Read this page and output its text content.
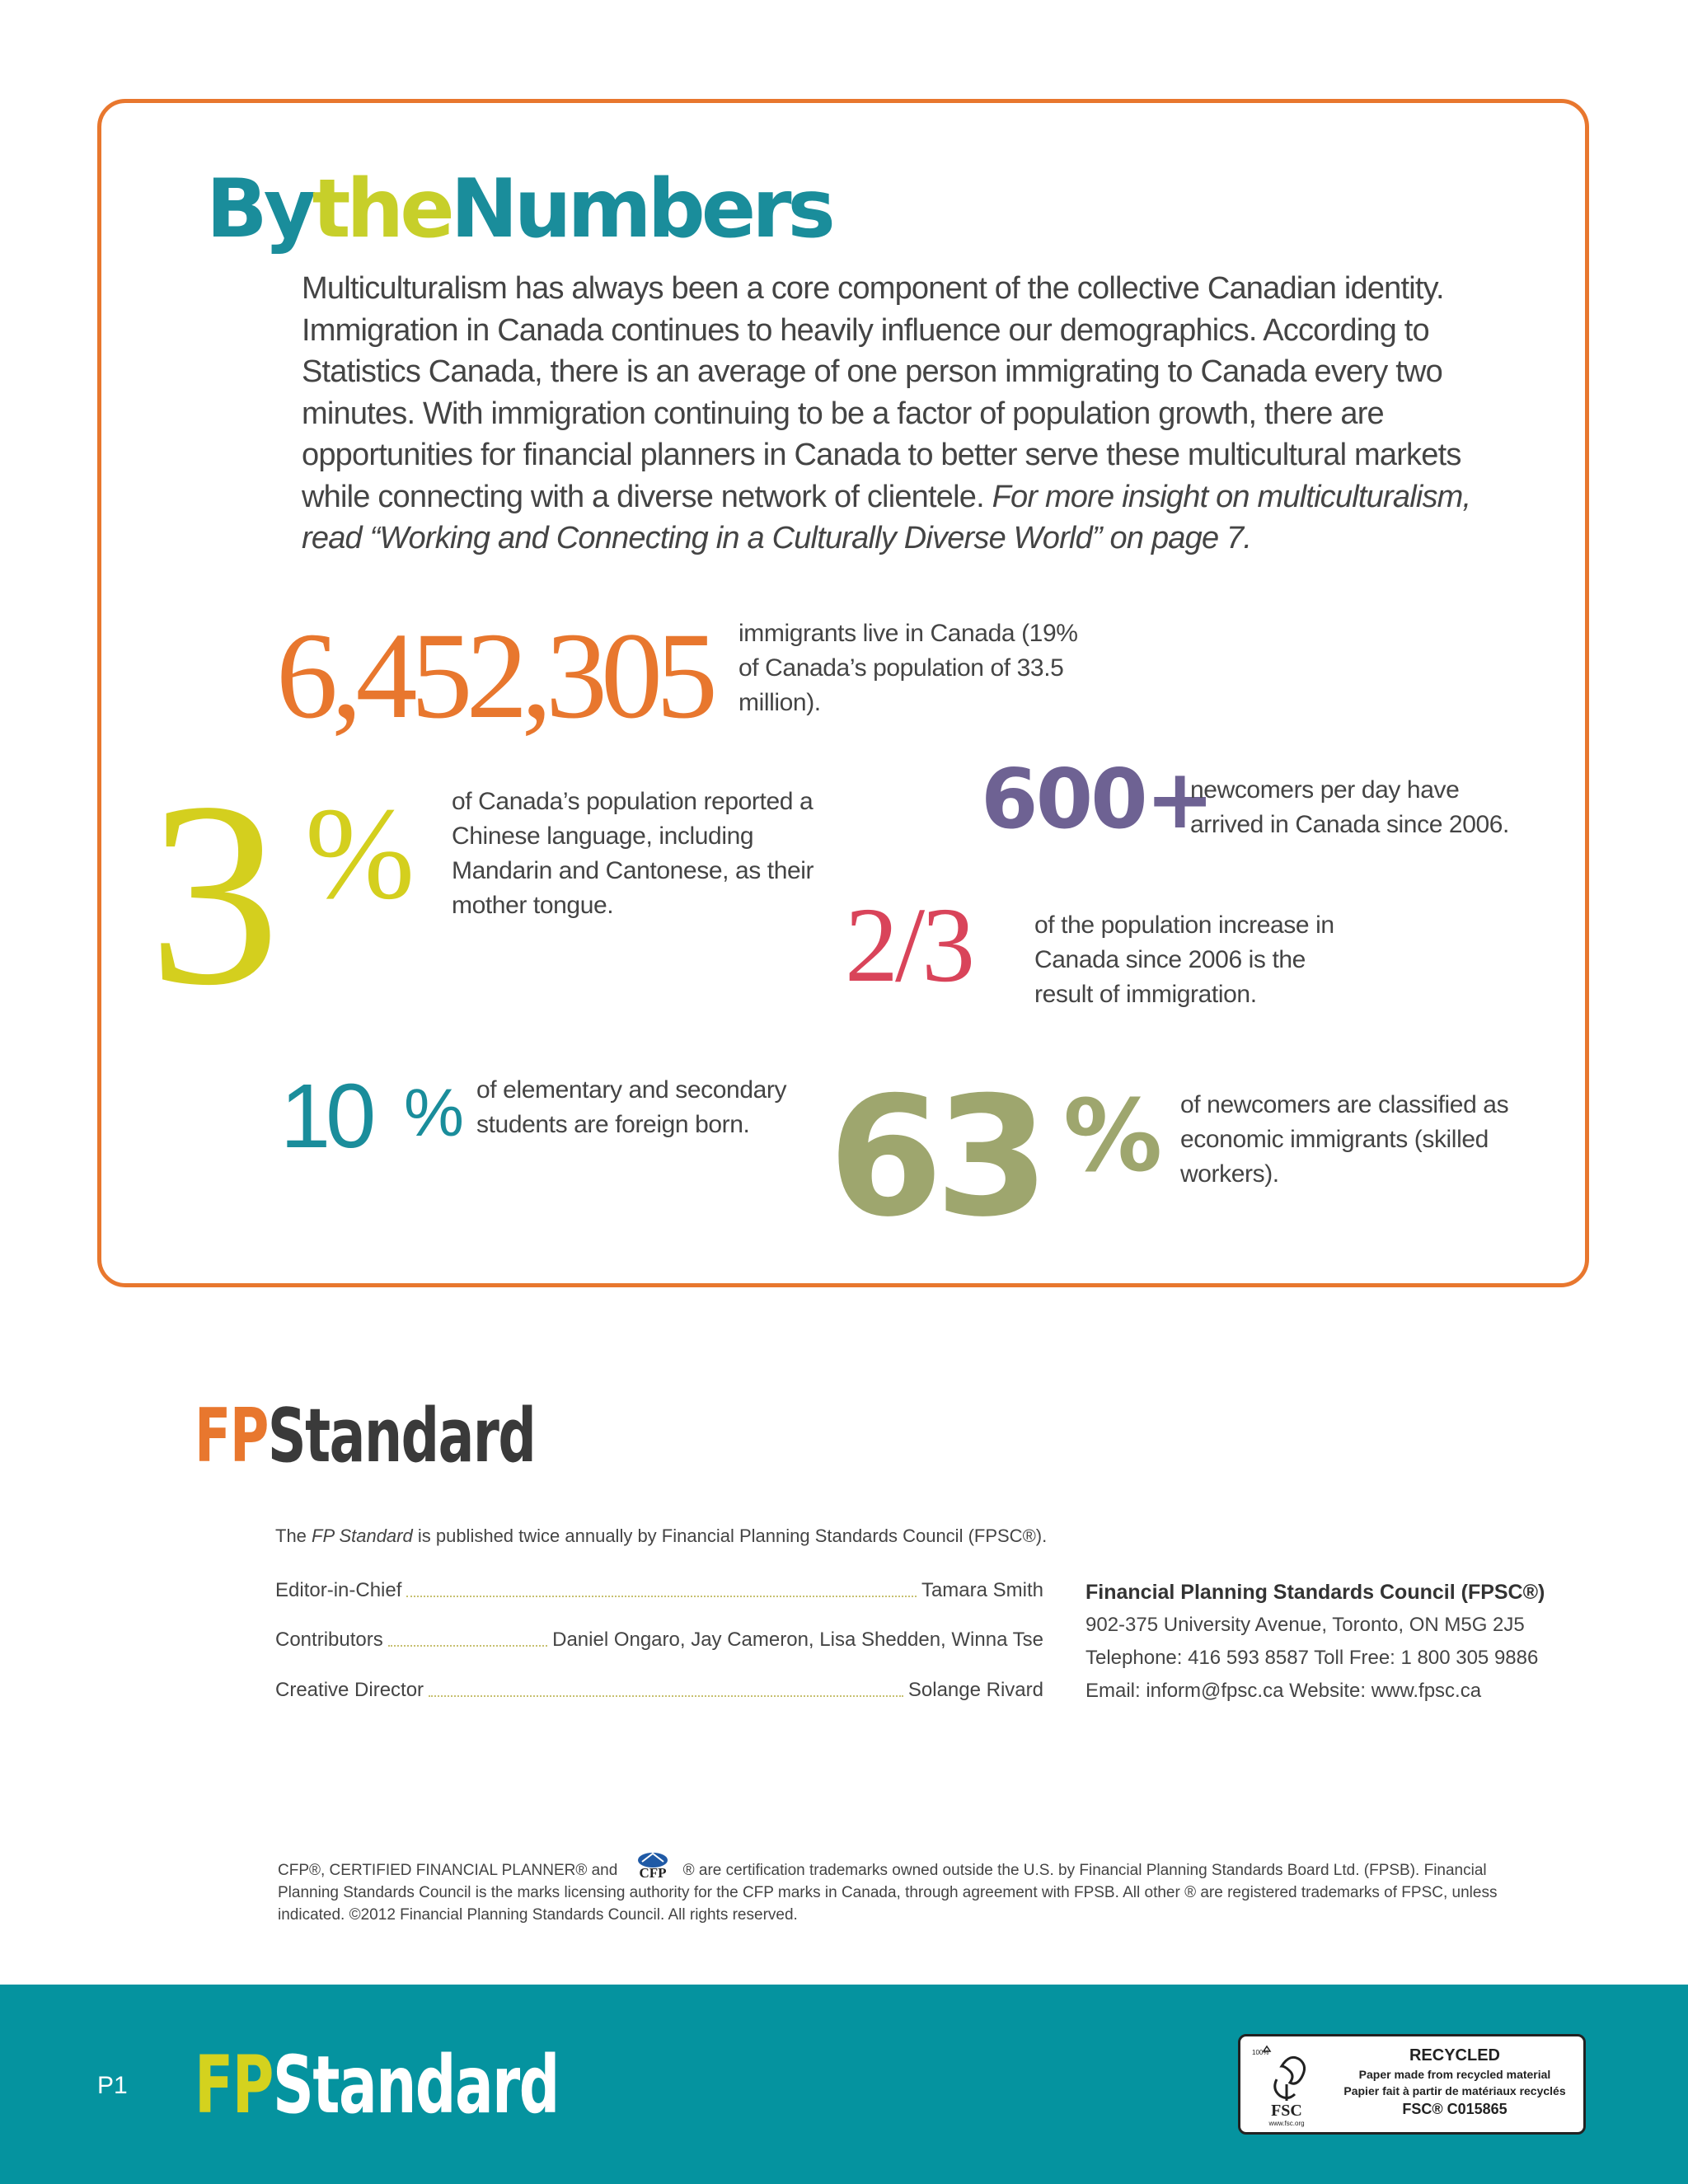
BytheNumbers

Multiculturalism has always been a core component of the collective Canadian identity. Immigration in Canada continues to heavily influence our demographics. According to Statistics Canada, there is an average of one person immigrating to Canada every two minutes. With immigration continuing to be a factor of population growth, there are opportunities for financial planners in Canada to better serve these multicultural markets while connecting with a diverse network of clientele. For more insight on multiculturalism, read “Working and Connecting in a Culturally Diverse World” on page 7.

6,452,305 immigrants live in Canada (19% of Canada’s population of 33.5 million).
3 % of Canada’s population reported a Chinese language, including Mandarin and Cantonese, as their mother tongue.
600+
newcomers per day have arrived in Canada since 2006.
2/3	of the population increase in Canada since 2006 is the result of immigration.
10 % of elementary and secondary students are foreign born. 63 % of newcomers are classified as economic immigrants (skilled workers).
FPStandard

The FP Standard is published twice annually by Financial Planning Standards Council (FPSC®).

Editor-in-Chief	Tamara Smith
Contributors	Daniel Ongaro, Jay Cameron, Lisa Shedden, Winna Tse
Creative Director	Solange Rivard
Financial Planning Standards Council (FPSC®)
902-375 University Avenue, Toronto, ON M5G 2J5
Telephone: 416 593 8587 Toll Free: 1 800 305 9886
Email: inform@fpsc.ca Website: www.fpsc.ca

CFP®, CERTIFIED FINANCIAL PLANNER® and CFP ® are certification trademarks owned outside the U.S. by Financial Planning Standards Board Ltd. (FPSB). Financial Planning Standards Council is the marks licensing authority for the CFP marks in Canada, through agreement with FPSB. All other ® are registered trademarks of FPSC, unless indicated. ©2012 Financial Planning Standards Council. All rights reserved.

P1 FPStandard	100%
FSC
www.fsc.org
RECYCLED
Paper made from recycled material
Papier fait à partir de matériaux recyclés
FSC® C015865
